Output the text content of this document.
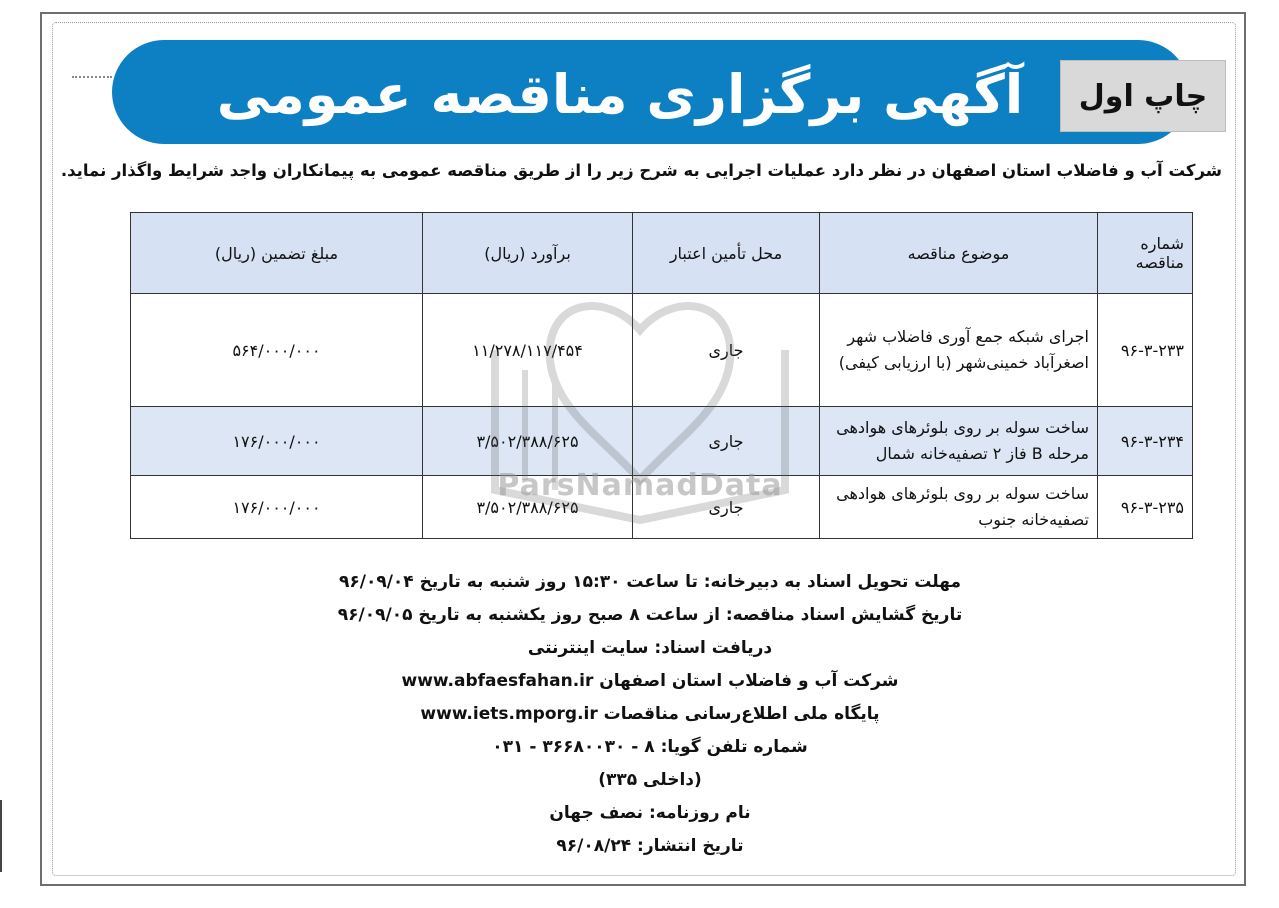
آگهی برگزاری مناقصه عمومی	چاپ اول
شرکت آب و فاضلاب استان اصفهان در نظر دارد عملیات اجرایی به شرح زیر را از طریق مناقصه عمومی به پیمانکاران واجد شرایط واگذار نماید.
شماره مناقصه	موضوع مناقصه	محل تأمین اعتبار	برآورد (ریال)	مبلغ تضمین (ریال)
۹۶-۳-۲۳۳	اجرای شبکه جمع آوری فاضلاب شهر اصغرآباد خمینی‌شهر (با ارزیابی کیفی)	جاری	۱۱/۲۷۸/۱۱۷/۴۵۴	۵۶۴/۰۰۰/۰۰۰
۹۶-۳-۲۳۴	ساخت سوله بر روی بلوئرهای هوادهی مرحله B فاز ۲ تصفیه‌خانه شمال	جاری	۳/۵۰۲/۳۸۸/۶۲۵	۱۷۶/۰۰۰/۰۰۰
۹۶-۳-۲۳۵	ساخت سوله بر روی بلوئرهای هوادهی تصفیه‌خانه جنوب	جاری	۳/۵۰۲/۳۸۸/۶۲۵	۱۷۶/۰۰۰/۰۰۰
ParsNamadData
مهلت تحویل اسناد به دبیرخانه: تا ساعت ۱۵:۳۰ روز شنبه به تاریخ ۹۶/۰۹/۰۴
تاریخ گشایش اسناد مناقصه: از ساعت ۸ صبح روز یکشنبه به تاریخ ۹۶/۰۹/۰۵
دریافت اسناد: سایت اینترنتی
شرکت آب و فاضلاب استان اصفهان www.abfaesfahan.ir
پایگاه ملی اطلاع‌رسانی مناقصات www.iets.mporg.ir
شماره تلفن گویا: ۸ - ۳۶۶۸۰۰۳۰ - ۰۳۱
(داخلی ۳۳۵)
نام روزنامه: نصف جهان
تاریخ انتشار: ۹۶/۰۸/۲۴
